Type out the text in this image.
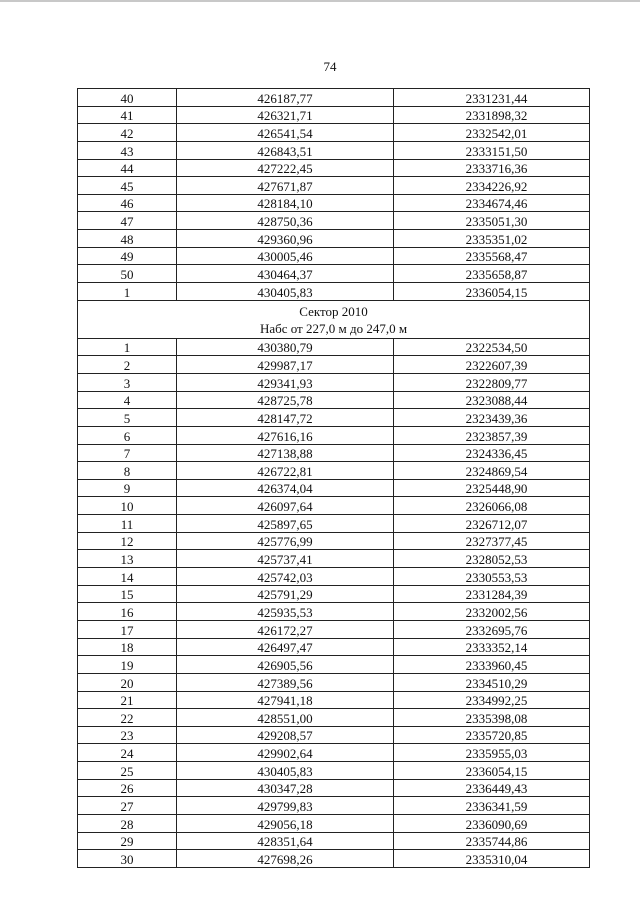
74
40	426187,77	2331231,44
41	426321,71	2331898,32
42	426541,54	2332542,01
43	426843,51	2333151,50
44	427222,45	2333716,36
45	427671,87	2334226,92
46	428184,10	2334674,46
47	428750,36	2335051,30
48	429360,96	2335351,02
49	430005,46	2335568,47
50	430464,37	2335658,87
1	430405,83	2336054,15

Сектор 2010
Набс от 227,0 м до 247,0 м		

1	430380,79	2322534,50
2	429987,17	2322607,39
3	429341,93	2322809,77
4	428725,78	2323088,44
5	428147,72	2323439,36
6	427616,16	2323857,39
7	427138,88	2324336,45
8	426722,81	2324869,54
9	426374,04	2325448,90
10	426097,64	2326066,08
11	425897,65	2326712,07
12	425776,99	2327377,45
13	425737,41	2328052,53
14	425742,03	2330553,53
15	425791,29	2331284,39
16	425935,53	2332002,56
17	426172,27	2332695,76
18	426497,47	2333352,14
19	426905,56	2333960,45
20	427389,56	2334510,29
21	427941,18	2334992,25
22	428551,00	2335398,08
23	429208,57	2335720,85
24	429902,64	2335955,03
25	430405,83	2336054,15
26	430347,28	2336449,43
27	429799,83	2336341,59
28	429056,18	2336090,69
29	428351,64	2335744,86
30	427698,26	2335310,04
